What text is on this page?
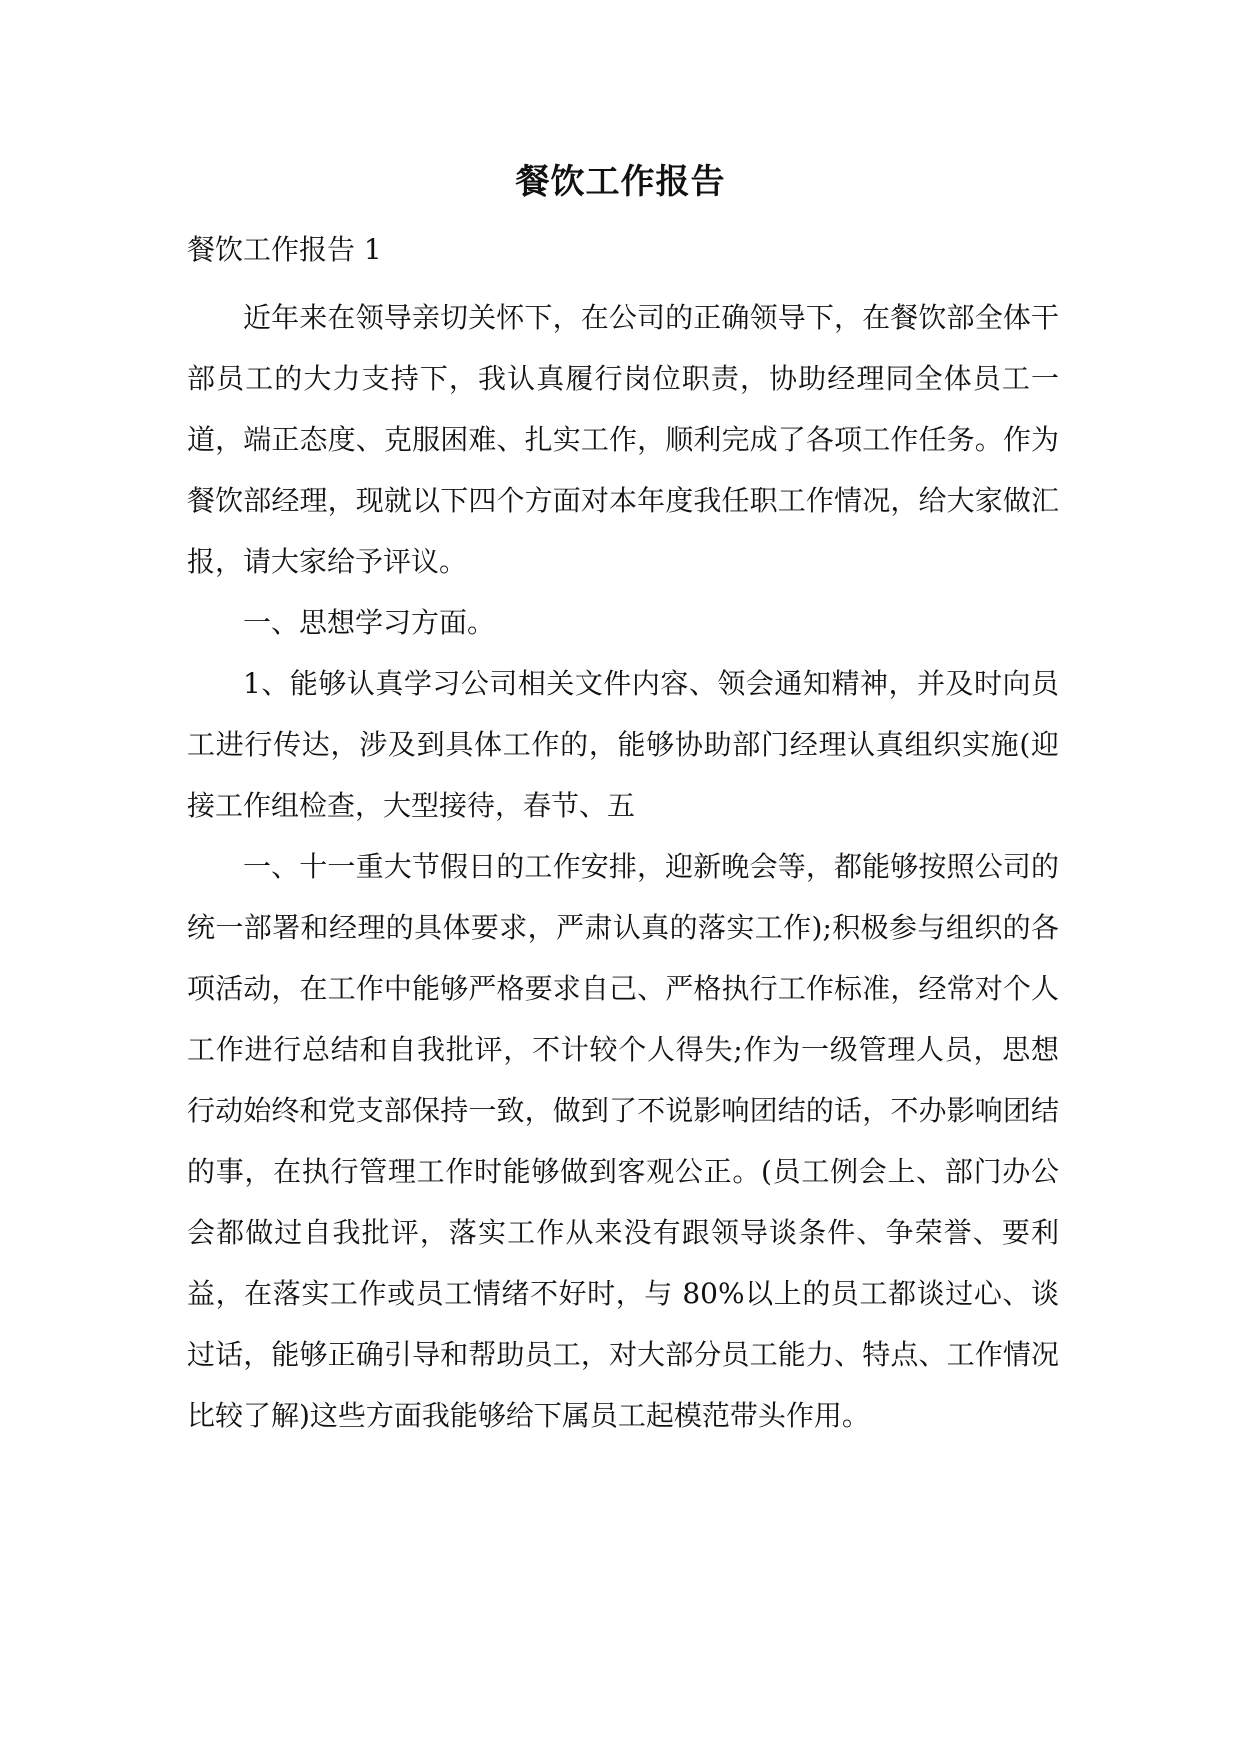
餐饮工作报告

餐饮工作报告 1

近年来在领导亲切关怀下，在公司的正确领导下，在餐饮部全体干部员工的大力支持下，我认真履行岗位职责，协助经理同全体员工一道，端正态度、克服困难、扎实工作，顺利完成了各项工作任务。作为餐饮部经理，现就以下四个方面对本年度我任职工作情况，给大家做汇报，请大家给予评议。

一、思想学习方面。

1、能够认真学习公司相关文件内容、领会通知精神，并及时向员工进行传达，涉及到具体工作的，能够协助部门经理认真组织实施(迎接工作组检查，大型接待，春节、五

一、十一重大节假日的工作安排，迎新晚会等，都能够按照公司的统一部署和经理的具体要求，严肃认真的落实工作);积极参与组织的各项活动，在工作中能够严格要求自己、严格执行工作标准，经常对个人工作进行总结和自我批评，不计较个人得失;作为一级管理人员，思想行动始终和党支部保持一致，做到了不说影响团结的话，不办影响团结的事，在执行管理工作时能够做到客观公正。(员工例会上、部门办公会都做过自我批评，落实工作从来没有跟领导谈条件、争荣誉、要利益，在落实工作或员工情绪不好时，与 80%以上的员工都谈过心、谈过话，能够正确引导和帮助员工，对大部分员工能力、特点、工作情况比较了解)这些方面我能够给下属员工起模范带头作用。
